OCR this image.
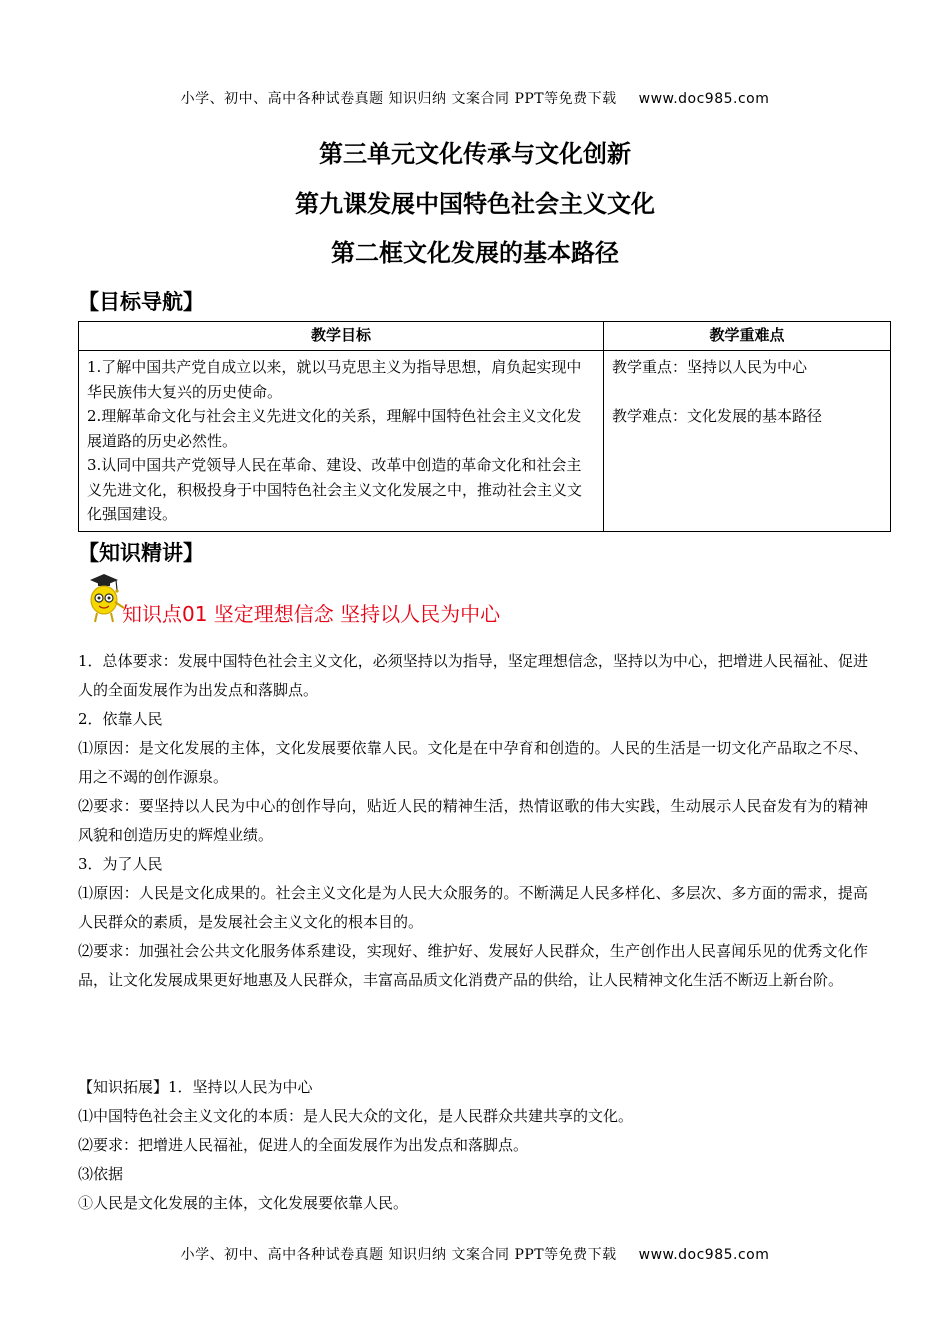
小学、初中、高中各种试卷真题 知识归纳 文案合同 PPT等免费下载 www.doc985.com
第三单元文化传承与文化创新
第九课发展中国特色社会主义文化
第二框文化发展的基本路径
【目标导航】
教学目标	教学重难点

1.了解中国共产党自成立以来，就以马克思主义为指导思想，肩负起实现中华民族伟大复兴的历史使命。
2.理解革命文化与社会主义先进文化的关系，理解中国特色社会主义文化发展道路的历史必然性。
3.认同中国共产党领导人民在革命、建设、改革中创造的革命文化和社会主义先进文化，积极投身于中国特色社会主义文化发展之中，推动社会主义文化强国建设。	教学重点：坚持以人民为中心
教学难点：文化发展的基本路径
【知识精讲】
知识点01 坚定理想信念 坚持以人民为中心

1．总体要求：发展中国特色社会主义文化，必须坚持以为指导，坚定理想信念，坚持以为中心，把增进人民福祉、促进人的全面发展作为出发点和落脚点。

2．依靠人民

⑴原因：是文化发展的主体，文化发展要依靠人民。文化是在中孕育和创造的。人民的生活是一切文化产品取之不尽、用之不竭的创作源泉。

⑵要求：要坚持以人民为中心的创作导向，贴近人民的精神生活，热情讴歌的伟大实践，生动展示人民奋发有为的精神风貌和创造历史的辉煌业绩。

3．为了人民

⑴原因：人民是文化成果的。社会主义文化是为人民大众服务的。不断满足人民多样化、多层次、多方面的需求，提高人民群众的素质，是发展社会主义文化的根本目的。

⑵要求：加强社会公共文化服务体系建设，实现好、维护好、发展好人民群众，生产创作出人民喜闻乐见的优秀文化作品，让文化发展成果更好地惠及人民群众，丰富高品质文化消费产品的供给，让人民精神文化生活不断迈上新台阶。

【知识拓展】1．坚持以人民为中心

⑴中国特色社会主义文化的本质：是人民大众的文化，是人民群众共建共享的文化。

⑵要求：把增进人民福祉，促进人的全面发展作为出发点和落脚点。

⑶依据

①人民是文化发展的主体，文化发展要依靠人民。

小学、初中、高中各种试卷真题 知识归纳 文案合同 PPT等免费下载 www.doc985.com
